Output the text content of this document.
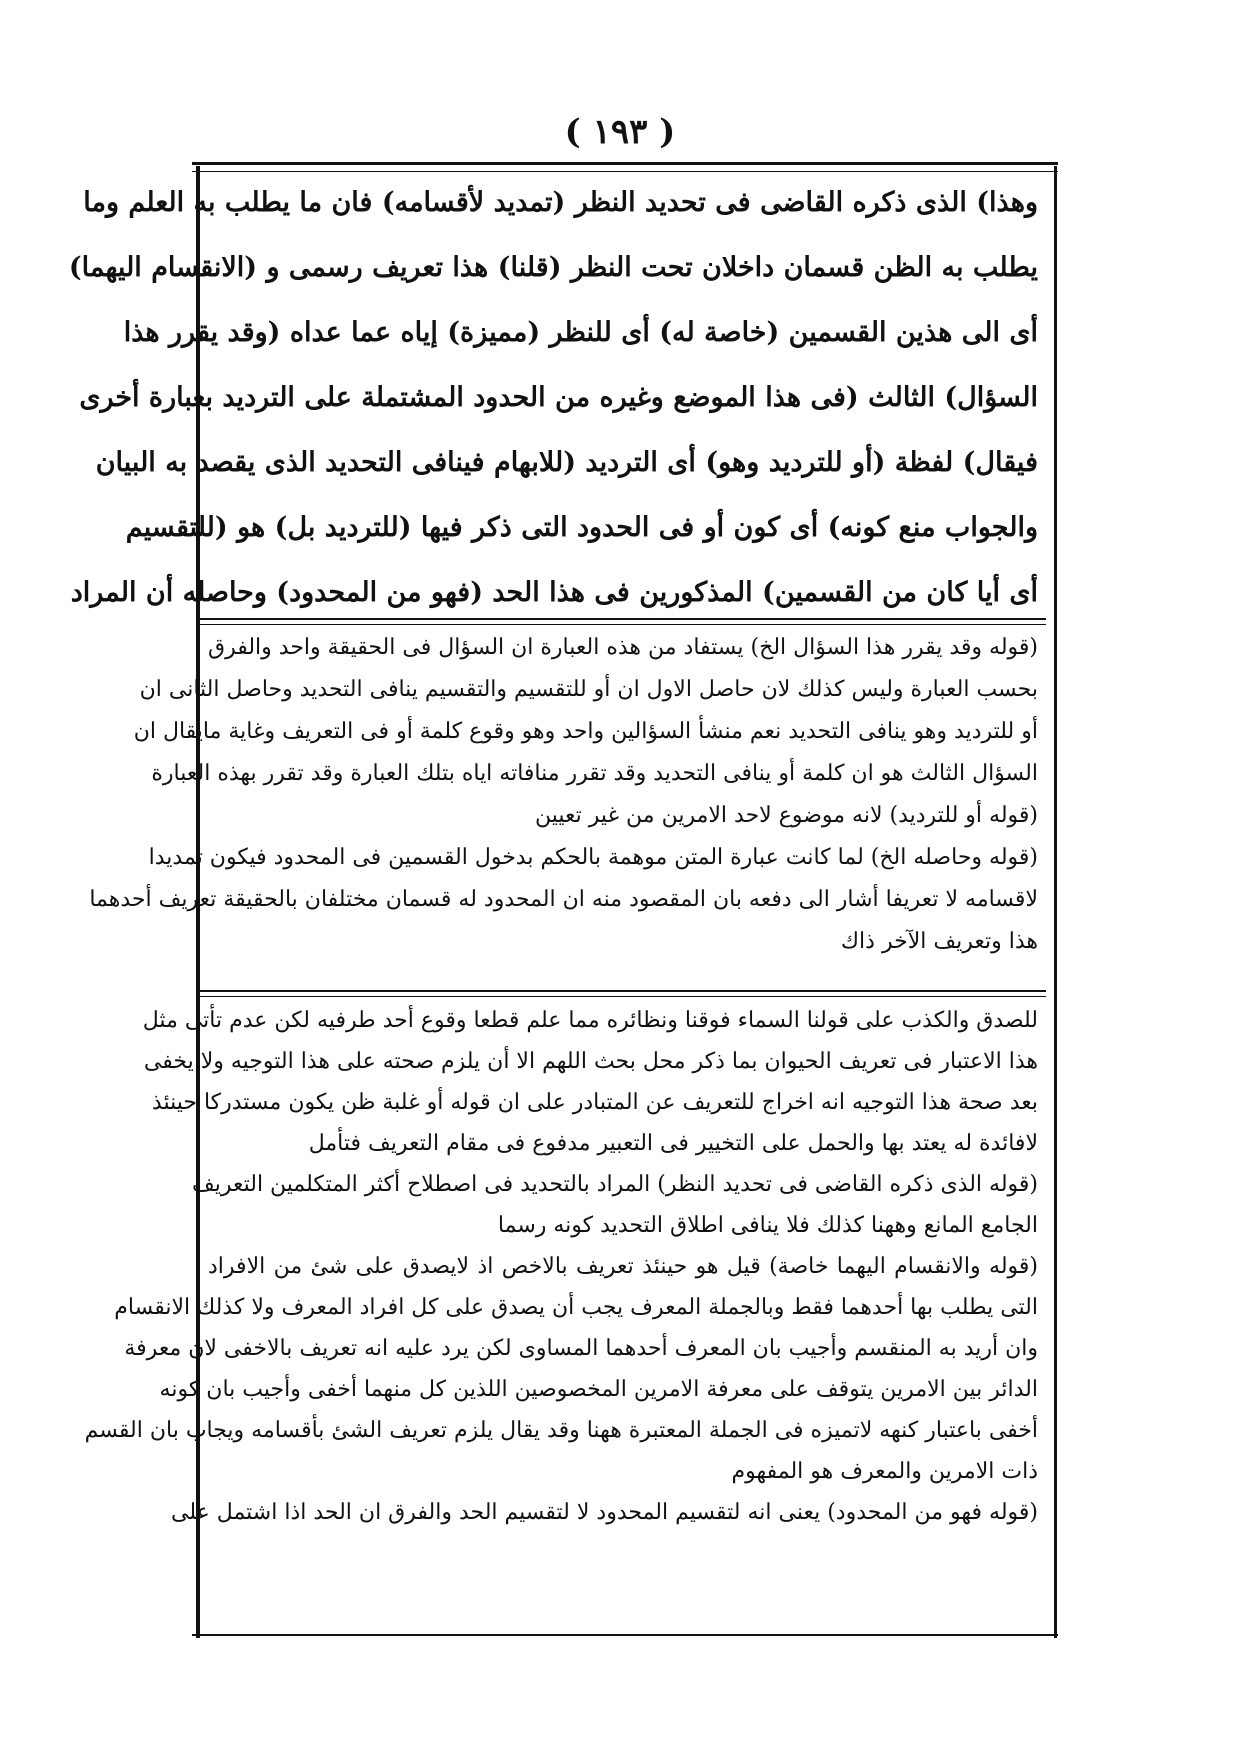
( ١٩٣ )
وهذا) الذى ذكره القاضى فى تحديد النظر (تمديد لأقسامه) فان ما يطلب به العلم وما
يطلب به الظن قسمان داخلان تحت النظر (قلنا) هذا تعريف رسمى و (الانقسام اليهما)
أى الى هذين القسمين (خاصة له) أى للنظر (مميزة) إياه عما عداه (وقد يقرر هذا
السؤال) الثالث (فى هذا الموضع وغيره من الحدود المشتملة على الترديد بعبارة أخرى
فيقال) لفظة (أو للترديد وهو) أى الترديد (للابهام فينافى التحديد الذى يقصد به البيان
والجواب منع كونه) أى كون أو فى الحدود التى ذكر فيها (للترديد بل) هو (للتقسيم
أى أيا كان من القسمين) المذكورين فى هذا الحد (فهو من المحدود) وحاصله أن المراد
(قوله وقد يقرر هذا السؤال الخ) يستفاد من هذه العبارة ان السؤال فى الحقيقة واحد والفرق
بحسب العبارة وليس كذلك لان حاصل الاول ان أو للتقسيم والتقسيم ينافى التحديد وحاصل الثانى ان
أو للترديد وهو ينافى التحديد نعم منشأ السؤالين واحد وهو وقوع كلمة أو فى التعريف وغاية مايقال ان
السؤال الثالث هو ان كلمة أو ينافى التحديد وقد تقرر منافاته اياه بتلك العبارة وقد تقرر بهذه العبارة
(قوله أو للترديد) لانه موضوع لاحد الامرين من غير تعيين
(قوله وحاصله الخ) لما كانت عبارة المتن موهمة بالحكم بدخول القسمين فى المحدود فيكون تمديدا
لاقسامه لا تعريفا أشار الى دفعه بان المقصود منه ان المحدود له قسمان مختلفان بالحقيقة تعريف أحدهما
هذا وتعريف الآخر ذاك
للصدق والكذب على قولنا السماء فوقنا ونظائره مما علم قطعا وقوع أحد طرفيه لكن عدم تأتى مثل
هذا الاعتبار فى تعريف الحيوان بما ذكر محل بحث اللهم الا أن يلزم صحته على هذا التوجيه ولا يخفى
بعد صحة هذا التوجيه انه اخراج للتعريف عن المتبادر على ان قوله أو غلبة ظن يكون مستدركا حينئذ
لافائدة له يعتد بها والحمل على التخيير فى التعبير مدفوع فى مقام التعريف فتأمل
(قوله الذى ذكره القاضى فى تحديد النظر) المراد بالتحديد فى اصطلاح أكثر المتكلمين التعريف
الجامع المانع وههنا كذلك فلا ينافى اطلاق التحديد كونه رسما
(قوله والانقسام اليهما خاصة) قيل هو حينئذ تعريف بالاخص اذ لايصدق على شئ من الافراد
التى يطلب بها أحدهما فقط وبالجملة المعرف يجب أن يصدق على كل افراد المعرف ولا كذلك الانقسام
وان أريد به المنقسم وأجيب بان المعرف أحدهما المساوى لكن يرد عليه انه تعريف بالاخفى لان معرفة
الدائر بين الامرين يتوقف على معرفة الامرين المخصوصين اللذين كل منهما أخفى وأجيب بان كونه
أخفى باعتبار كنهه لاتميزه فى الجملة المعتبرة ههنا وقد يقال يلزم تعريف الشئ بأقسامه ويجاب بان القسم
ذات الامرين والمعرف هو المفهوم
(قوله فهو من المحدود) يعنى انه لتقسيم المحدود لا لتقسيم الحد والفرق ان الحد اذا اشتمل على
